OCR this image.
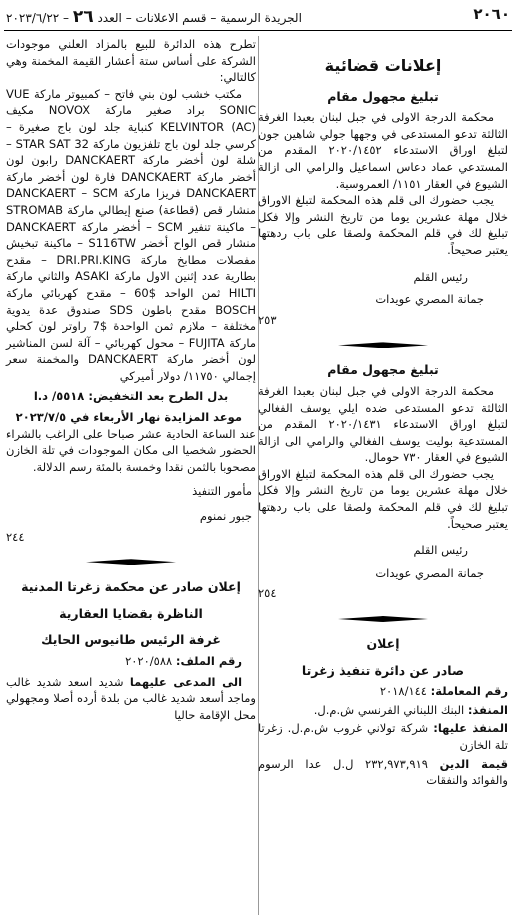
٢٠٦٠
الجريدة الرسمية – قسم الاعلانات – العدد ٢٦ – ٢٠٢٣/٦/٢٢
إعلانات قضائية
تبليغ مجهول مقام

محكمة الدرجة الاولى في جبل لبنان بعبدا الغرفة الثالثة تدعو المستدعى في وجهها جولي شاهين جون لتبلغ اوراق الاستدعاء ٢٠٢٠/١٤٥٢ المقدم من المستدعي عماد دعاس اسماعيل والرامي الى ازالة الشيوع في العقار ١١٥١/ العمروسية.

يجب حضورك الى قلم هذه المحكمة لتبلغ الاوراق خلال مهلة عشرين يوما من تاريخ النشر وإلا فكل تبليغ لك في قلم المحكمة ولصقا على باب ردهتها يعتبر صحيحاً.

رئيس القلم

جمانة المصري عويدات

٢٥٣

تبليغ مجهول مقام

محكمة الدرجة الاولى في جبل لبنان بعبدا الغرفة الثالثة تدعو المستدعى ضده ايلي يوسف الفغالي لتبلغ اوراق الاستدعاء ٢٠٢٠/١٤٣١ المقدم من المستدعية بوليت يوسف الفغالي والرامي الى ازالة الشيوع في العقار ٧٣٠ حومال.

يجب حضورك الى قلم هذه المحكمة لتبلغ الاوراق خلال مهلة عشرين يوما من تاريخ النشر وإلا فكل تبليغ لك في قلم المحكمة ولصقا على باب ردهتها يعتبر صحيحاً.

رئيس القلم

جمانة المصري عويدات

٢٥٤

إعلان
صادر عن دائرة تنفيذ زغرتا

رقم المعاملة: ٢٠١٨/١٤٤

المنفذ: البنك اللبناني الفرنسي ش.م.ل.

المنفذ عليها: شركة تولاني غروب ش.م.ل. زغرتا تلة الخازن

قيمة الدين ٢٣٢,٩٧٣,٩١٩ ل.ل عدا الرسوم والفوائد والنفقات

تطرح هذه الدائرة للبيع بالمزاد العلني موجودات الشركة على أساس ستة أعشار القيمة المخمنة وهي كالتالي:

مكتب خشب لون بني فاتح – كمبيوتر ماركة VUE SONIC براد صغير ماركة NOVOX مكيف KELVINTOR (AC) كنباية جلد لون باج صغيرة – كرسي جلد لون باج تلفزيون ماركة 32 STAR SAT – شلة لون أخضر ماركة DANCKAERT رابون لون أخضر ماركة DANCKAERT فارة لون أخضر ماركة DANCKAERT فريزا ماركة DANCKAERT – SCM منشار قص (قطاعة) صنع إيطالي ماركة STROMAB – ماكينة تنفير SCM – أخضر ماركة DANCKAERT منشار قص الواح أخضر S116TW – ماكينة تبخيش مفصلات مطابخ ماركة DRI.PRI.KING – مقدح بطارية عدد إثنين الاول ماركة ASAKI والثاني ماركة HILTI ثمن الواحد $60 – مقدح كهربائي ماركة BOSCH مقدح باطون SDS صندوق عدة يدوية مختلفة – ملازم ثمن الواحدة $7 راوتر لون كحلي ماركة FUJITA – محول كهربائي – آلة لسن المناشير لون أخضر ماركة DANCKAERT والمخمنة سعر إجمالي ١١٧٥٠/ دولار أميركي

بدل الطرح بعد التخفيض: ٥٥١٨/ د.ا

موعد المزايدة نهار الأربعاء في ٢٠٢٣/٧/٥

عند الساعة الحادية عشر صباحا على الراغب بالشراء الحضور شخصيا الى مكان الموجودات في تلة الخازن مصحوبا بالثمن نقدا وخمسة بالمئة رسم الدلالة.

مأمور التنفيذ

جبور نمنوم

٢٤٤

إعلان صادر عن محكمة زغرتا المدنية
الناظرة بقضايا العقارية
غرفة الرئيس طانيوس الحايك

رقم الملف: ٢٠٢٠/٥٨٨

الى المدعى عليهما شديد اسعد شديد غالب وماجد أسعد شديد غالب من بلدة أرده أصلا ومجهولي محل الإقامة حاليا
